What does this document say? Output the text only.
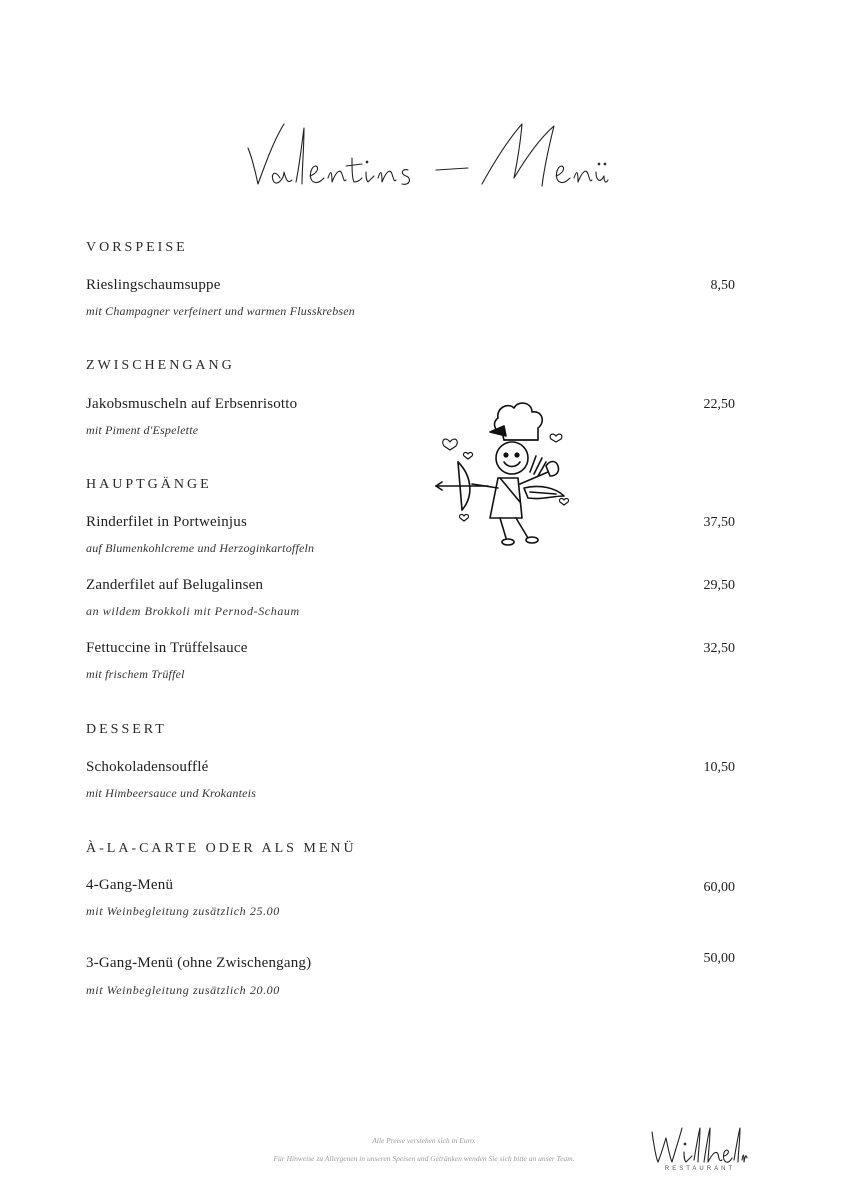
VORSPEISE
Rieslingschaumsuppe	8,50
mit Champagner verfeinert und warmen Flusskrebsen
ZWISCHENGANG
Jakobsmuscheln auf Erbsenrisotto	22,50
mit Piment d'Espelette
HAUPTGÄNGE
Rinderfilet in Portweinjus	37,50
auf Blumenkohlcreme und Herzoginkartoffeln
Zanderfilet auf Belugalinsen	29,50
an wildem Brokkoli mit Pernod-Schaum
Fettuccine in Trüffelsauce	32,50
mit frischem Trüffel
DESSERT
Schokoladensoufflé	10,50
mit Himbeersauce und Krokanteis
À-LA-CARTE ODER ALS MENÜ
4-Gang-Menü	60,00
mit Weinbegleitung zusätzlich 25.00
3-Gang-Menü (ohne Zwischengang)	50,00
mit Weinbegleitung zusätzlich 20.00
Alle Preise verstehen sich in Euro.
Für Hinweise zu Allergenen in unseren Speisen und Getränken wenden Sie sich bitte an unser Team.
RESTAURANT
